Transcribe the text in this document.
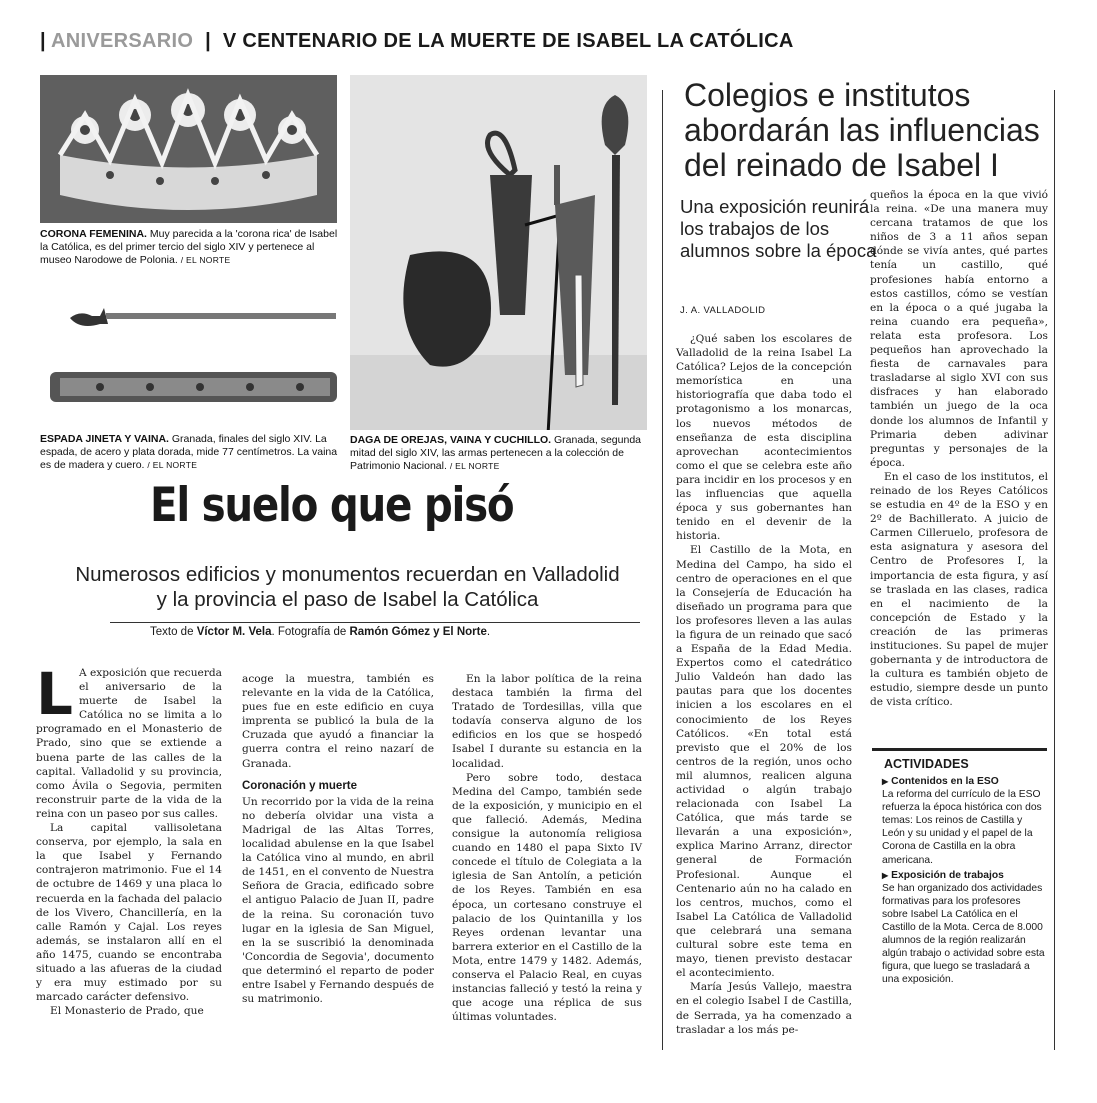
| ANIVERSARIO | V CENTENARIO DE LA MUERTE DE ISABEL LA CATÓLICA
CORONA FEMENINA. Muy parecida a la 'corona rica' de Isabel la Católica, es del primer tercio del siglo XIV y pertenece al museo Narodowe de Polonia. / EL NORTE
ESPADA JINETA Y VAINA. Granada, finales del siglo XIV. La espada, de acero y plata dorada, mide 77 centímetros. La vaina es de madera y cuero. / EL NORTE
DAGA DE OREJAS, VAINA Y CUCHILLO. Granada, segunda mitad del siglo XIV, las armas pertenecen a la colección de Patrimonio Nacional. / EL NORTE
El suelo que pisó
Numerosos edificios y monumentos recuerdan en Valladolid
y la provincia el paso de Isabel la Católica
Texto de Víctor M. Vela. Fotografía de Ramón Gómez y El Norte.

L A exposición que recuerda el aniversario de la muerte de Isabel la Católica no se limita a lo programado en el Monasterio de Prado, sino que se extiende a buena parte de las calles de la capital. Valladolid y su provincia, como Ávila o Segovia, permiten reconstruir parte de la vida de la reina con un paseo por sus calles.

La capital vallisoletana conserva, por ejemplo, la sala en la que Isabel y Fernando contrajeron matrimonio. Fue el 14 de octubre de 1469 y una placa lo recuerda en la fachada del palacio de los Vivero, Chancillería, en la calle Ramón y Cajal. Los reyes además, se instalaron allí en el año 1475, cuando se encontraba situado a las afueras de la ciudad y era muy estimado por su marcado carácter defensivo.

El Monasterio de Prado, que

acoge la muestra, también es relevante en la vida de la Católica, pues fue en este edificio en cuya imprenta se publicó la bula de la Cruzada que ayudó a financiar la guerra contra el reino nazarí de Granada.

Coronación y muerte

Un recorrido por la vida de la reina no debería olvidar una vista a Madrigal de las Altas Torres, localidad abulense en la que Isabel la Católica vino al mundo, en abril de 1451, en el convento de Nuestra Señora de Gracia, edificado sobre el antiguo Palacio de Juan II, padre de la reina. Su coronación tuvo lugar en la iglesia de San Miguel, en la se suscribió la denominada 'Concordia de Segovia', documento que determinó el reparto de poder entre Isabel y Fernando después de su matrimonio.

En la labor política de la reina destaca también la firma del Tratado de Tordesillas, villa que todavía conserva alguno de los edificios en los que se hospedó Isabel I durante su estancia en la localidad.

Pero sobre todo, destaca Medina del Campo, también sede de la exposición, y municipio en el que falleció. Además, Medina consigue la autonomía religiosa cuando en 1480 el papa Sixto IV concede el título de Colegiata a la iglesia de San Antolín, a petición de los Reyes. También en esa época, un cortesano construye el palacio de los Quintanilla y los Reyes ordenan levantar una barrera exterior en el Castillo de la Mota, entre 1479 y 1482. Además, conserva el Palacio Real, en cuyas instancias falleció y testó la reina y que acoge una réplica de sus últimas voluntades.

Colegios e institutos abordarán las influencias del reinado de Isabel I
Una exposición reunirá los trabajos de los alumnos sobre la época
J. A. VALLADOLID

¿Qué saben los escolares de Valladolid de la reina Isabel La Católica? Lejos de la concepción memorística en una historiografía que daba todo el protagonismo a los monarcas, los nuevos métodos de enseñanza de esta disciplina aprovechan acontecimientos como el que se celebra este año para incidir en los procesos y en las influencias que aquella época y sus gobernantes han tenido en el devenir de la historia.

El Castillo de la Mota, en Medina del Campo, ha sido el centro de operaciones en el que la Consejería de Educación ha diseñado un programa para que los profesores lleven a las aulas la figura de un reinado que sacó a España de la Edad Media. Expertos como el catedrático Julio Valdeón han dado las pautas para que los docentes inicien a los escolares en el conocimiento de los Reyes Católicos. «En total está previsto que el 20% de los centros de la región, unos ocho mil alumnos, realicen alguna actividad o algún trabajo relacionada con Isabel La Católica, que más tarde se llevarán a una exposición», explica Marino Arranz, director general de Formación Profesional. Aunque el Centenario aún no ha calado en los centros, muchos, como el Isabel La Católica de Valladolid que celebrará una semana cultural sobre este tema en mayo, tienen previsto destacar el acontecimiento.

María Jesús Vallejo, maestra en el colegio Isabel I de Castilla, de Serrada, ya ha comenzado a trasladar a los más pe-

queños la época en la que vivió la reina. «De una manera muy cercana tratamos de que los niños de 3 a 11 años sepan dónde se vivía antes, qué partes tenía un castillo, qué profesiones había entorno a estos castillos, cómo se vestían en la época o a qué jugaba la reina cuando era pequeña», relata esta profesora. Los pequeños han aprovechado la fiesta de carnavales para trasladarse al siglo XVI con sus disfraces y han elaborado también un juego de la oca donde los alumnos de Infantil y Primaria deben adivinar preguntas y personajes de la época.

En el caso de los institutos, el reinado de los Reyes Católicos se estudia en 4º de la ESO y en 2º de Bachillerato. A juicio de Carmen Cilleruelo, profesora de esta asignatura y asesora del Centro de Profesores I, la importancia de esta figura, y así se traslada en las clases, radica en el nacimiento de la concepción de Estado y la creación de las primeras instituciones. Su papel de mujer gobernanta y de introductora de la cultura es también objeto de estudio, siempre desde un punto de vista crítico.

ACTIVIDADES
▶ Contenidos en la ESO
La reforma del currículo de la ESO refuerza la época histórica con dos temas: Los reinos de Castilla y León y su unidad y el papel de la Corona de Castilla en la obra americana.
▶ Exposición de trabajos
Se han organizado dos actividades formativas para los profesores sobre Isabel La Católica en el Castillo de la Mota. Cerca de 8.000 alumnos de la región realizarán algún trabajo o actividad sobre esta figura, que luego se trasladará a una exposición.
